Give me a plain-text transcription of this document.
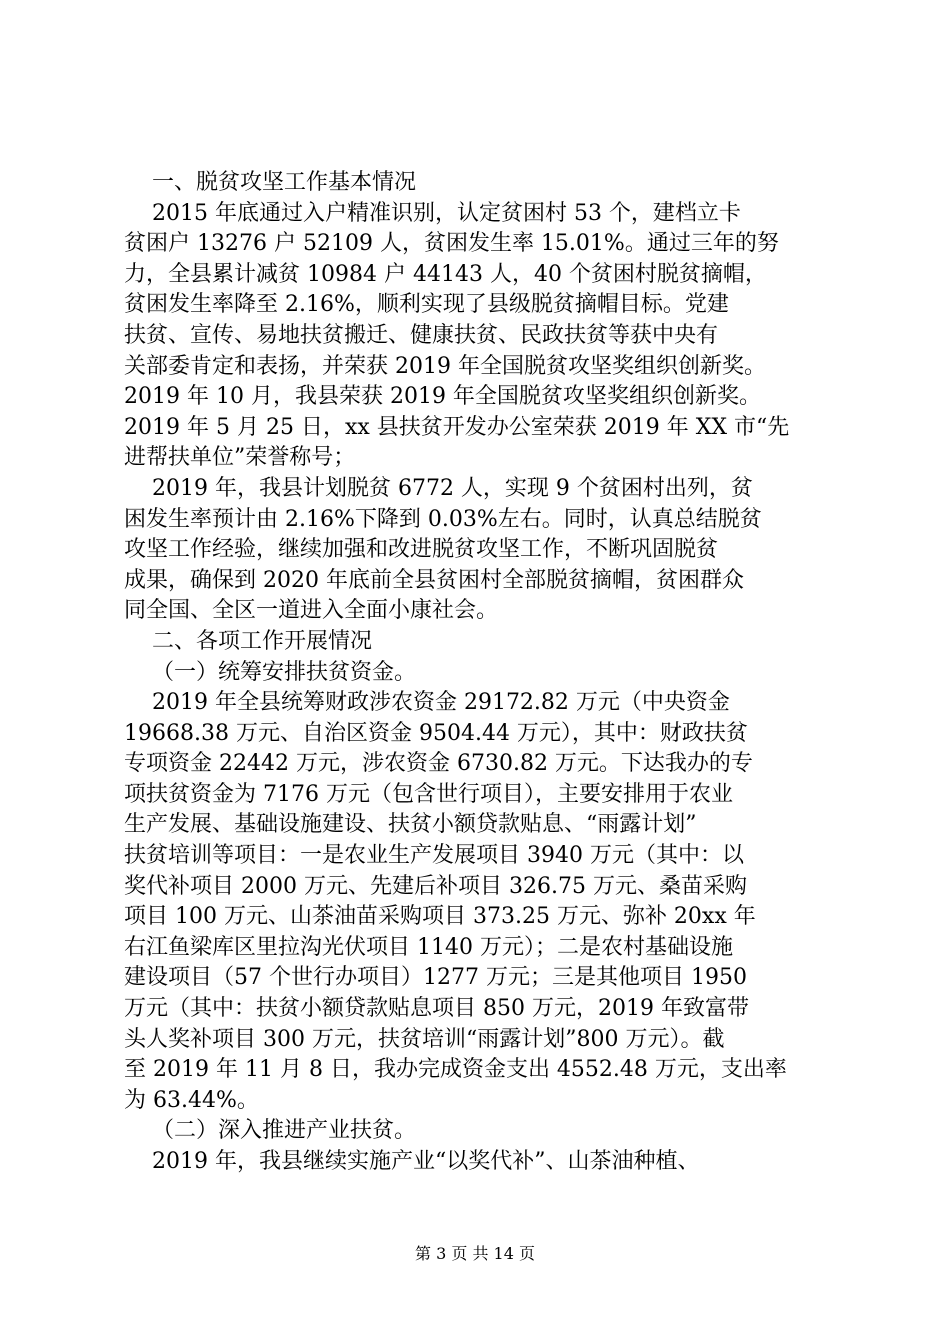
一、脱贫攻坚工作基本情况
2015 年底通过入户精准识别，认定贫困村 53 个，建档立卡
贫困户 13276 户 52109 人，贫困发生率 15.01%。通过三年的努
力，全县累计减贫 10984 户 44143 人，40 个贫困村脱贫摘帽，
贫困发生率降至 2.16%，顺利实现了县级脱贫摘帽目标。党建
扶贫、宣传、易地扶贫搬迁、健康扶贫、民政扶贫等获中央有
关部委肯定和表扬，并荣获 2019 年全国脱贫攻坚奖组织创新奖。
2019 年 10 月，我县荣获 2019 年全国脱贫攻坚奖组织创新奖。
2019 年 5 月 25 日，xx 县扶贫开发办公室荣获 2019 年 XX 市“先
进帮扶单位”荣誉称号；
2019 年，我县计划脱贫 6772 人，实现 9 个贫困村出列，贫
困发生率预计由 2.16%下降到 0.03%左右。同时，认真总结脱贫
攻坚工作经验，继续加强和改进脱贫攻坚工作，不断巩固脱贫
成果，确保到 2020 年底前全县贫困村全部脱贫摘帽，贫困群众
同全国、全区一道进入全面小康社会。
二、各项工作开展情况
（一）统筹安排扶贫资金。
2019 年全县统筹财政涉农资金 29172.82 万元（中央资金
19668.38 万元、自治区资金 9504.44 万元），其中：财政扶贫
专项资金 22442 万元，涉农资金 6730.82 万元。下达我办的专
项扶贫资金为 7176 万元（包含世行项目），主要安排用于农业
生产发展、基础设施建设、扶贫小额贷款贴息、“雨露计划”
扶贫培训等项目：一是农业生产发展项目 3940 万元（其中：以
奖代补项目 2000 万元、先建后补项目 326.75 万元、桑苗采购
项目 100 万元、山茶油苗采购项目 373.25 万元、弥补 20xx 年
右江鱼梁库区里拉沟光伏项目 1140 万元）；二是农村基础设施
建设项目（57 个世行办项目）1277 万元；三是其他项目 1950
万元（其中：扶贫小额贷款贴息项目 850 万元，2019 年致富带
头人奖补项目 300 万元，扶贫培训“雨露计划”800 万元）。截
至 2019 年 11 月 8 日，我办完成资金支出 4552.48 万元，支出率
为 63.44%。
（二）深入推进产业扶贫。
2019 年，我县继续实施产业“以奖代补”、山茶油种植、
第 3 页 共 14 页
